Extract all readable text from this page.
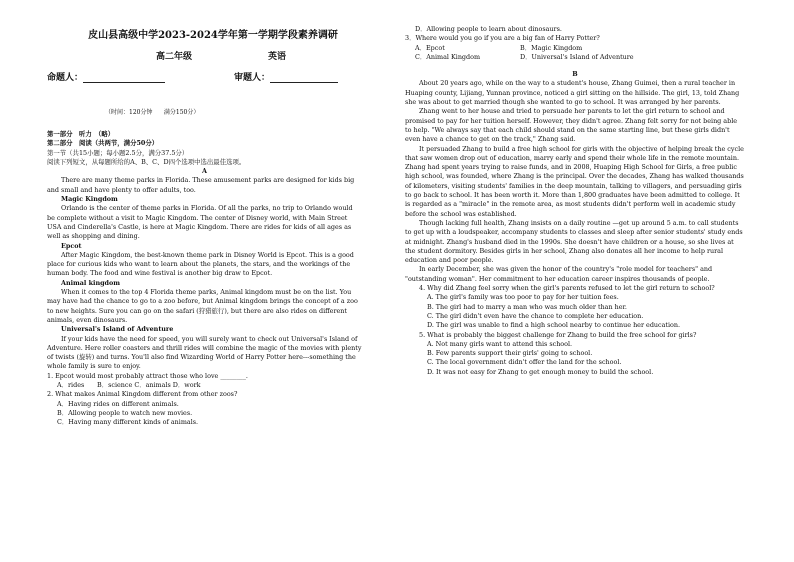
皮山县高级中学2023-2024学年第一学期学段素养调研
高二年级	英语
命题人：	审题人：
（时间：120分钟 满分150分）

第一部分　听力　（略）

第二部分　阅读（共两节，满分50分）

第一节（共15小题；每小题2.5分，满分37.5分）

阅读下列短文，从每题所给的A、B、C、D四个选项中选出最佳选项。

A

There are many theme parks in Florida. These amusement parks are designed for kids big and small and have plenty to offer adults, too.

Magic Kingdom

Orlando is the center of theme parks in Florida. Of all the parks, no trip to Orlando would be complete without a visit to Magic Kingdom. The center of Disney world, with Main Street USA and Cinderella's Castle, is here at Magic Kingdom. There are rides for kids of all ages as well as shopping and dining.

Epcot

After Magic Kingdom, the best-known theme park in Disney World is Epcot. This is a good place for curious kids who want to learn about the planets, the stars, and the workings of the human body. The food and wine festival is another big draw to Epcot.

Animal kingdom

When it comes to the top 4 Florida theme parks, Animal kingdom must be on the list. You may have had the chance to go to a zoo before, but Animal kingdom brings the concept of a zoo to new heights. Sure you can go on the safari (狩猎旅行), but there are also rides on different animals, even dinosaurs.

Universal's Island of Adventure

If your kids have the need for speed, you will surely want to check out Universal's Island of Adventure. Here roller coasters and thrill rides will combine the magic of the movies with plenty of twists (旋转) and turns. You'll also find Wizarding World of Harry Potter here---something the whole family is sure to enjoy.

1. Epcot would most probably attract those who love ________.

A．rides　　B．science C．animals D．work

2. What makes Animal Kingdom different from other zoos?

A．Having rides on different animals.

B．Allowing people to watch new movies.

C．Having many different kinds of animals.

D．Allowing people to learn about dinosaurs.

3．Where would you go if you are a big fan of Harry Potter?

A．Epcot	B．Magic Kingdom

C．Animal Kingdom	D．Universal's Island of Adventure

B

About 20 years ago, while on the way to a student's house, Zhang Guimei, then a rural teacher in Huaping county, Lijiang, Yunnan province, noticed a girl sitting on the hillside. The girl, 13, told Zhang she was about to get married though she wanted to go to school. It was arranged by her parents.

Zhang went to her house and tried to persuade her parents to let the girl return to school and promised to pay for her tuition herself. However, they didn't agree. Zhang felt sorry for not being able to help. "We always say that each child should stand on the same starting line, but these girls didn't even have a chance to get on the track," Zhang said.

It persuaded Zhang to build a free high school for girls with the objective of helping break the cycle that saw women drop out of education, marry early and spend their whole life in the remote mountain. Zhang had spent years trying to raise funds, and in 2008, Huaping High School for Girls, a free public high school, was founded, where Zhang is the principal. Over the decades, Zhang has walked thousands of kilometers, visiting students' families in the deep mountain, talking to villagers, and persuading girls to go back to school. It has been worth it. More than 1,800 graduates have been admitted to college. It is regarded as a "miracle" in the remote area, as most students didn't perform well in academic study before the school was established.

Though lacking full health, Zhang insists on a daily routine —get up around 5 a.m. to call students to get up with a loudspeaker, accompany students to classes and sleep after senior students' study ends at midnight. Zhang's husband died in the 1990s. She doesn't have children or a house, so she lives at the student dormitory. Besides girls in her school, Zhang also donates all her income to help rural education and poor people.

In early December, she was given the honor of the country's "role model for teachers" and "outstanding woman". Her commitment to her education career inspires thousands of people.

4. Why did Zhang feel sorry when the girl's parents refused to let the girl return to school?

A. The girl's family was too poor to pay for her tuition fees.

B. The girl had to marry a man who was much older than her.

C. The girl didn't even have the chance to complete her education.

D. The girl was unable to find a high school nearby to continue her education.

5. What is probably the biggest challenge for Zhang to build the free school for girls?

A. Not many girls want to attend this school.

B. Few parents support their girls' going to school.

C. The local government didn't offer the land for the school.

D. It was not easy for Zhang to get enough money to build the school.
